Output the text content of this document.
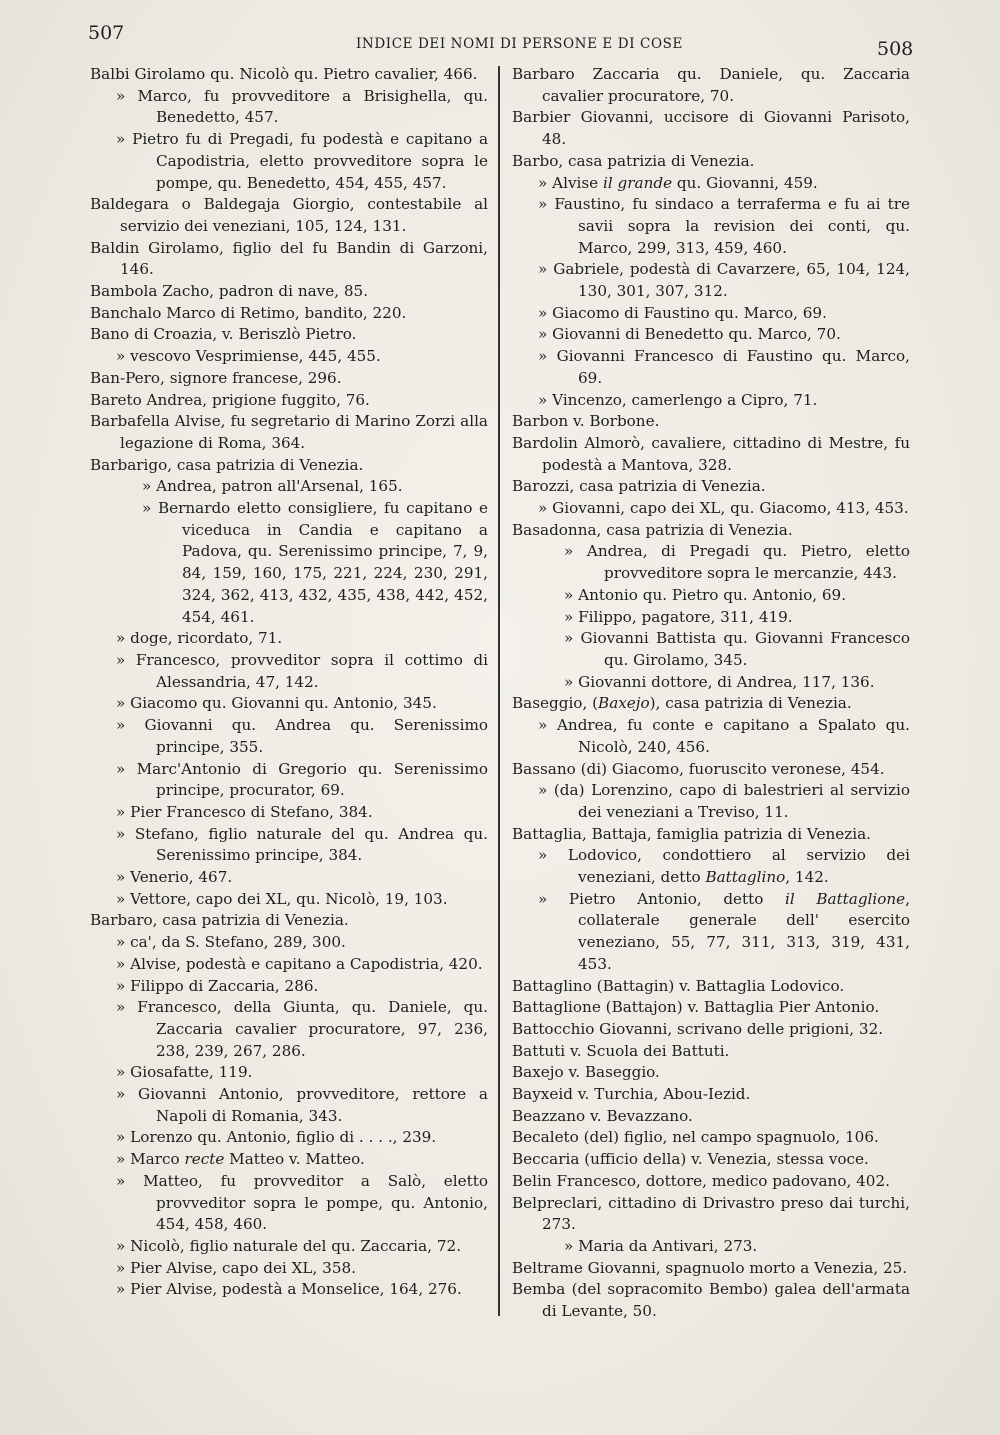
507	INDICE DEI NOMI DI PERSONE E DI COSE	508

Balbi Girolamo qu. Nicolò qu. Pietro cavalier, 466.

» Marco, fu provveditore a Brisighella, qu. Benedetto, 457.

» Pietro fu di Pregadi, fu podestà e capitano a Capodistria, eletto provveditore sopra le pompe, qu. Benedetto, 454, 455, 457.

Baldegara o Baldegaja Giorgio, contestabile al servizio dei veneziani, 105, 124, 131.

Baldin Girolamo, figlio del fu Bandin di Garzoni, 146.

Bambola Zacho, padron di nave, 85.

Banchalo Marco di Retimo, bandito, 220.

Bano di Croazia, v. Beriszlò Pietro.

» vescovo Vesprimiense, 445, 455.

Ban-Pero, signore francese, 296.

Bareto Andrea, prigione fuggito, 76.

Barbafella Alvise, fu segretario di Marino Zorzi alla legazione di Roma, 364.

Barbarigo, casa patrizia di Venezia.

» Andrea, patron all'Arsenal, 165.

» Bernardo eletto consigliere, fu capitano e viceduca in Candia e capitano a Padova, qu. Serenissimo principe, 7, 9, 84, 159, 160, 175, 221, 224, 230, 291, 324, 362, 413, 432, 435, 438, 442, 452, 454, 461.

» doge, ricordato, 71.

» Francesco, provveditor sopra il cottimo di Alessandria, 47, 142.

» Giacomo qu. Giovanni qu. Antonio, 345.

» Giovanni qu. Andrea qu. Serenissimo principe, 355.

» Marc'Antonio di Gregorio qu. Serenissimo principe, procurator, 69.

» Pier Francesco di Stefano, 384.

» Stefano, figlio naturale del qu. Andrea qu. Serenissimo principe, 384.

» Venerio, 467.

» Vettore, capo dei XL, qu. Nicolò, 19, 103.

Barbaro, casa patrizia di Venezia.

» ca', da S. Stefano, 289, 300.

» Alvise, podestà e capitano a Capodistria, 420.

» Filippo di Zaccaria, 286.

» Francesco, della Giunta, qu. Daniele, qu. Zaccaria cavalier procuratore, 97, 236, 238, 239, 267, 286.

» Giosafatte, 119.

» Giovanni Antonio, provveditore, rettore a Napoli di Romania, 343.

» Lorenzo qu. Antonio, figlio di . . . ., 239.

» Marco recte Matteo v. Matteo.

» Matteo, fu provveditor a Salò, eletto provveditor sopra le pompe, qu. Antonio, 454, 458, 460.

» Nicolò, figlio naturale del qu. Zaccaria, 72.

» Pier Alvise, capo dei XL, 358.

» Pier Alvise, podestà a Monselice, 164, 276.

Barbaro Zaccaria qu. Daniele, qu. Zaccaria cavalier procuratore, 70.

Barbier Giovanni, uccisore di Giovanni Parisoto, 48.

Barbo, casa patrizia di Venezia.

» Alvise il grande qu. Giovanni, 459.

» Faustino, fu sindaco a terraferma e fu ai tre savii sopra la revision dei conti, qu. Marco, 299, 313, 459, 460.

» Gabriele, podestà di Cavarzere, 65, 104, 124, 130, 301, 307, 312.

» Giacomo di Faustino qu. Marco, 69.

» Giovanni di Benedetto qu. Marco, 70.

» Giovanni Francesco di Faustino qu. Marco, 69.

» Vincenzo, camerlengo a Cipro, 71.

Barbon v. Borbone.

Bardolin Almorò, cavaliere, cittadino di Mestre, fu podestà a Mantova, 328.

Barozzi, casa patrizia di Venezia.

» Giovanni, capo dei XL, qu. Giacomo, 413, 453.

Basadonna, casa patrizia di Venezia.

» Andrea, di Pregadi qu. Pietro, eletto provveditore sopra le mercanzie, 443.

» Antonio qu. Pietro qu. Antonio, 69.

» Filippo, pagatore, 311, 419.

» Giovanni Battista qu. Giovanni Francesco qu. Girolamo, 345.

» Giovanni dottore, di Andrea, 117, 136.

Baseggio, (Baxejo), casa patrizia di Venezia.

» Andrea, fu conte e capitano a Spalato qu. Nicolò, 240, 456.

Bassano (di) Giacomo, fuoruscito veronese, 454.

» (da) Lorenzino, capo di balestrieri al servizio dei veneziani a Treviso, 11.

Battaglia, Battaja, famiglia patrizia di Venezia.

» Lodovico, condottiero al servizio dei veneziani, detto Battaglino, 142.

» Pietro Antonio, detto il Battaglione, collaterale generale dell' esercito veneziano, 55, 77, 311, 313, 319, 431, 453.

Battaglino (Battagin) v. Battaglia Lodovico.

Battaglione (Battajon) v. Battaglia Pier Antonio.

Battocchio Giovanni, scrivano delle prigioni, 32.

Battuti v. Scuola dei Battuti.

Baxejo v. Baseggio.

Bayxeid v. Turchia, Abou-Iezid.

Beazzano v. Bevazzano.

Becaleto (del) figlio, nel campo spagnuolo, 106.

Beccaria (ufficio della) v. Venezia, stessa voce.

Belin Francesco, dottore, medico padovano, 402.

Belpreclari, cittadino di Drivastro preso dai turchi, 273.

» Maria da Antivari, 273.

Beltrame Giovanni, spagnuolo morto a Venezia, 25.

Bemba (del sopracomito Bembo) galea dell'armata di Levante, 50.
